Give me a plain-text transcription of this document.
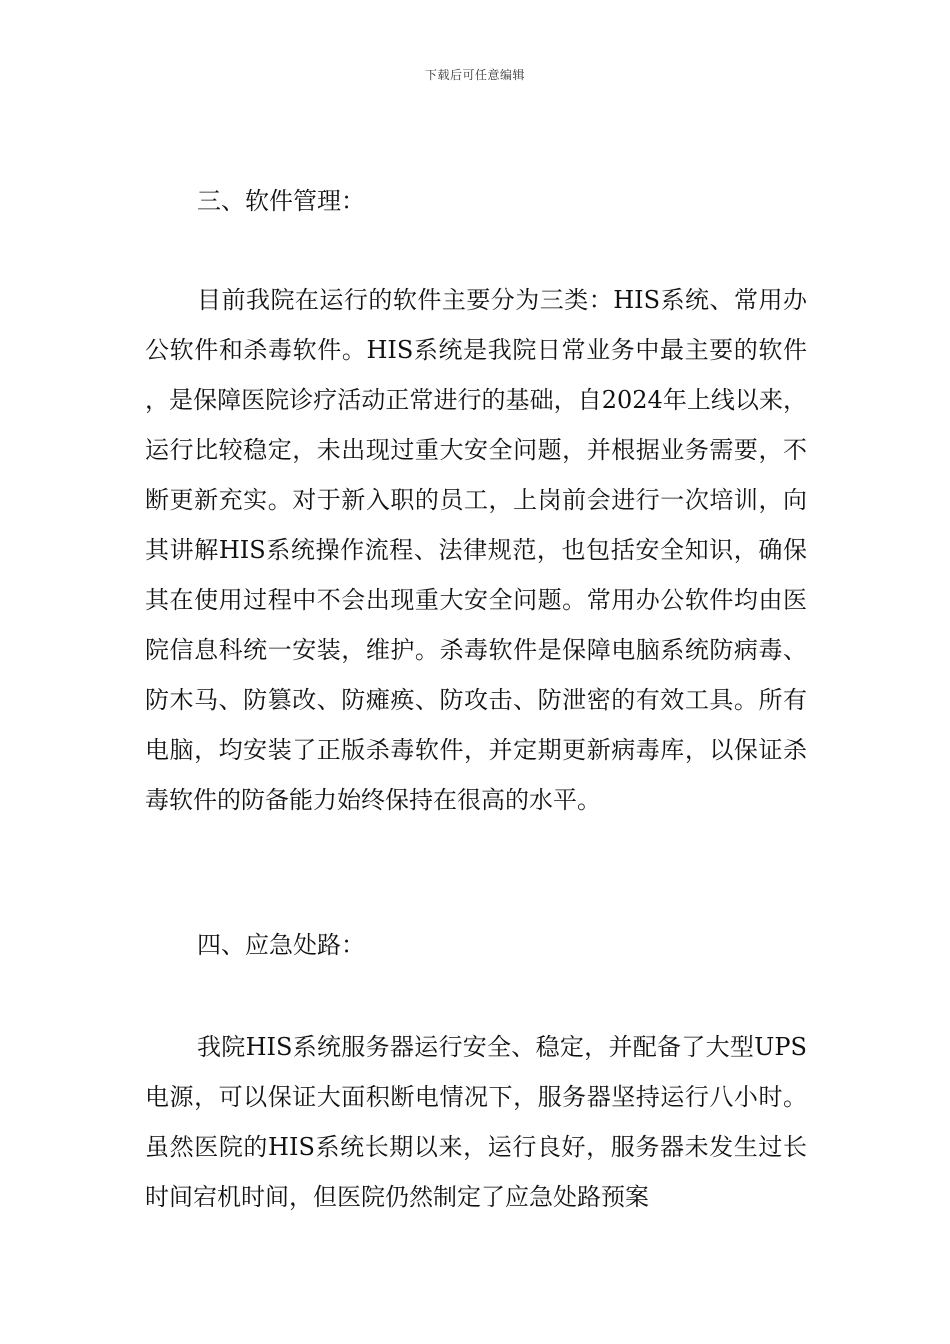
下载后可任意编辑

三、软件管理：

目前我院在运行的软件主要分为三类：HIS系统、常用办公软件和杀毒软件。HIS系统是我院日常业务中最主要的软件，是保障医院诊疗活动正常进行的基础，自2024年上线以来，运行比较稳定，未出现过重大安全问题，并根据业务需要，不断更新充实。对于新入职的员工，上岗前会进行一次培训，向其讲解HIS系统操作流程、法律规范，也包括安全知识，确保其在使用过程中不会出现重大安全问题。常用办公软件均由医院信息科统一安装，维护。杀毒软件是保障电脑系统防病毒、防木马、防篡改、防瘫痪、防攻击、防泄密的有效工具。所有电脑，均安装了正版杀毒软件，并定期更新病毒库，以保证杀毒软件的防备能力始终保持在很高的水平。

四、应急处路：

我院HIS系统服务器运行安全、稳定，并配备了大型UPS电源，可以保证大面积断电情况下，服务器坚持运行八小时。虽然医院的HIS系统长期以来，运行良好，服务器未发生过长时间宕机时间，但医院仍然制定了应急处路预案
